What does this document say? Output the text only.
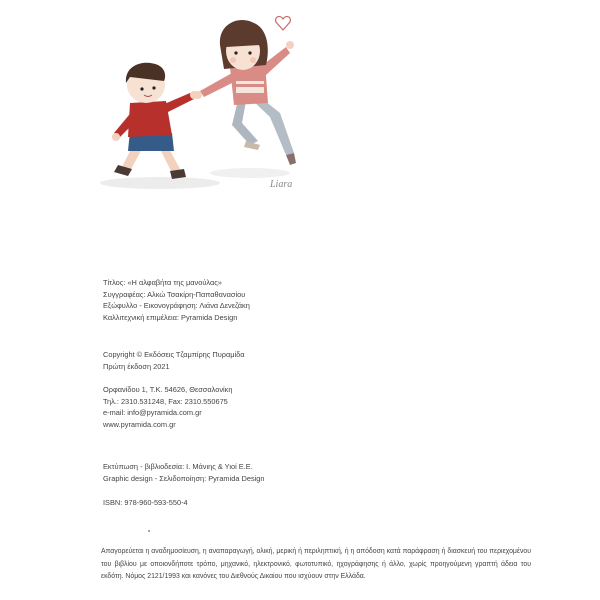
Liara
Τίτλος: «Η αλφαβήτα της μανούλας»
Συγγραφέας: Αλκώ Τσακίρη-Παπαθανασίου
Εξώφυλλο - Εικονογράφηση: Λιάνα Δενεζάκη
Καλλιτεχνική επιμέλεια: Pyramida Design
Copyright © Εκδόσεις Τζαμπίρης Πυραμίδα
Πρώτη έκδοση 2021
Ορφανίδου 1, Τ.Κ. 54626, Θεσσαλονίκη
Τηλ.: 2310.531248, Fax: 2310.550675
e-mail: info@pyramida.com.gr
www.pyramida.com.gr
Εκτύπωση - βιβλιοδεσία: Ι. Μάνιης & Υιοί Ε.Ε.
Graphic design - Σελιδοποίηση: Pyramida Design
ISBN: 978-960-593-550-4
Απαγορεύεται η αναδημοσίευση, η αναπαραγωγή, ολική, μερική ή περιληπτική, ή η απόδοση κατά παράφραση ή διασκευή του περιεχομένου του βιβλίου με οποιονδήποτε τρόπο, μηχανικό, ηλεκτρονικό, φωτοτυπικό, ηχογράφησης ή άλλο, χωρίς προηγούμενη γραπτή άδεια του εκδότη. Νόμος 2121/1993 και κανόνες του Διεθνούς Δικαίου που ισχύουν στην Ελλάδα.
